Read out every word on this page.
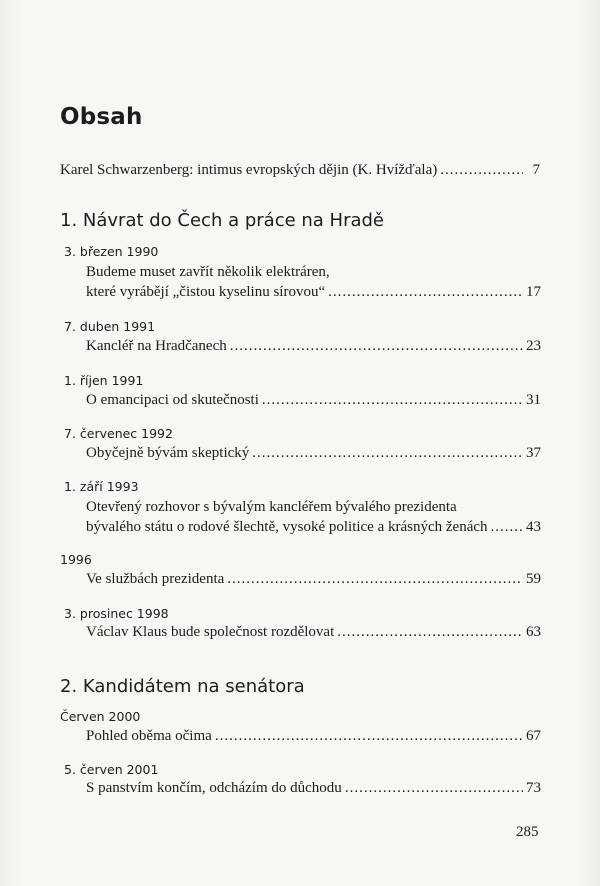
Obsah
Karel Schwarzenberg: intimus evropských dějin (K. Hvížďala) .....	7
1. Návrat do Čech a práce na Hradě
3. březen 1990
Budeme muset zavřít několik elektráren,
které vyrábějí „čistou kyselinu sírovou“ .....	17
7. duben 1991
Kancléř na Hradčanech .....	23
1. říjen 1991
O emancipaci od skutečnosti .....	31
7. červenec 1992
Obyčejně bývám skeptický .....	37
1. září 1993
Otevřený rozhovor s bývalým kancléřem bývalého prezidenta
bývalého státu o rodové šlechtě, vysoké politice a krásných ženách .....	43
1996
Ve službách prezidenta .....	59
3. prosinec 1998
Václav Klaus bude společnost rozdělovat .....	63
2. Kandidátem na senátora
Červen 2000
Pohled oběma očima .....	67
5. červen 2001
S panstvím končím, odcházím do důchodu .....	73
285
